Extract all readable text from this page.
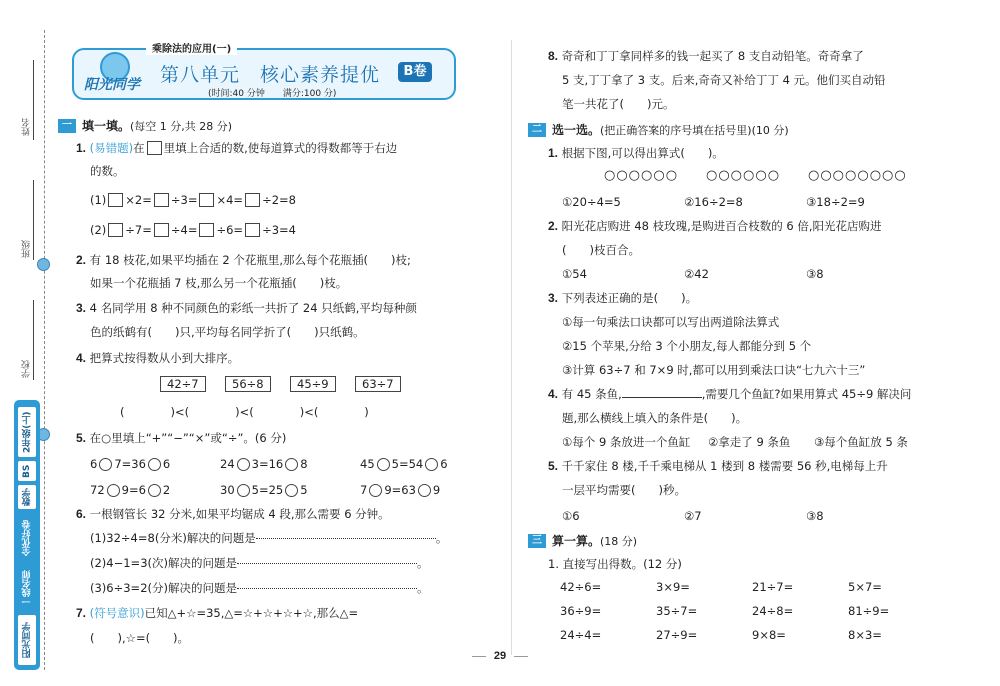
姓名
班级
学校
阳光同学
一线名师
全优好卷
数学
BS
2年级(上)
乘除法的应用(一)
阳光同学 第八单元　核心素养提优	B卷
(时间:40 分钟　　满分:100 分)
一 填一填。 (每空 1 分,共 28 分)
1. (易错题)在 里填上合适的数,使每道算式的得数都等于右边
的数。
(1) ×2= ÷3= ×4= ÷2=8
(2) ÷7= ÷4= ÷6= ÷3=4
2. 有 18 枝花,如果平均插在 2 个花瓶里,那么每个花瓶插(　　)枝;
如果一个花瓶插 7 枝,那么另一个花瓶插(　　)枝。
3. 4 名同学用 8 种不同颜色的彩纸一共折了 24 只纸鹤,平均每种颜
色的纸鹤有(　　)只,平均每名同学折了(　　)只纸鹤。
4. 把算式按得数从小到大排序。
42÷7	56÷8	45÷9	63÷7
(　　　　)<(　　　　)<(　　　　)<(　　　　)
5. 在○里填上“+”“−”“×”或“÷”。(6 分)
6 7=36 6	24 3=16 8	45 5=54 6
72 9=6 2	30 5=25 5	7 9=63 9
6. 一根钢管长 32 分米,如果平均锯成 4 段,那么需要 6 分钟。
(1)32÷4=8(分米)解决的问题是	。
(2)4−1=3(次)解决的问题是	。
(3)6÷3=2(分)解决的问题是	。
7. (符号意识)已知△+☆=35,△=☆+☆+☆+☆,那么△=
(　　),☆=(　　)。
8. 奇奇和丁丁拿同样多的钱一起买了 8 支自动铅笔。奇奇拿了
5 支,丁丁拿了 3 支。后来,奇奇又补给丁丁 4 元。他们买自动铅
笔一共花了(　　)元。
二 选一选。 (把正确答案的序号填在括号里)(10 分)
1. 根据下图,可以得出算式(　　)。
○○○○○○ ○○○○○○ ○○○○○○○○
①20÷4=5	②16÷2=8	③18÷2=9
2. 阳光花店购进 48 枝玫瑰,是购进百合枝数的 6 倍,阳光花店购进
(　　)枝百合。
①54	②42	③8
3. 下列表述正确的是(　　)。
①每一句乘法口诀都可以写出两道除法算式
②15 个苹果,分给 3 个小朋友,每人都能分到 5 个
③计算 63÷7 和 7×9 时,都可以用到乘法口诀“七九六十三”
4. 有 45 条鱼,	,需要几个鱼缸?如果用算式 45÷9 解决问
题,那么横线上填入的条件是(　　)。
①每个 9 条放进一个鱼缸 ②拿走了 9 条鱼 ③每个鱼缸放 5 条
5. 千千家住 8 楼,千千乘电梯从 1 楼到 8 楼需要 56 秒,电梯每上升
一层平均需要(　　)秒。
①6	②7	③8
三 算一算。 (18 分)
1. 直接写出得数。(12 分)
42÷6=	3×9=	21÷7=	5×7=
36÷9=	35÷7=	24÷8=	81÷9=
24÷4=	27÷9=	9×8=	8×3=
29
